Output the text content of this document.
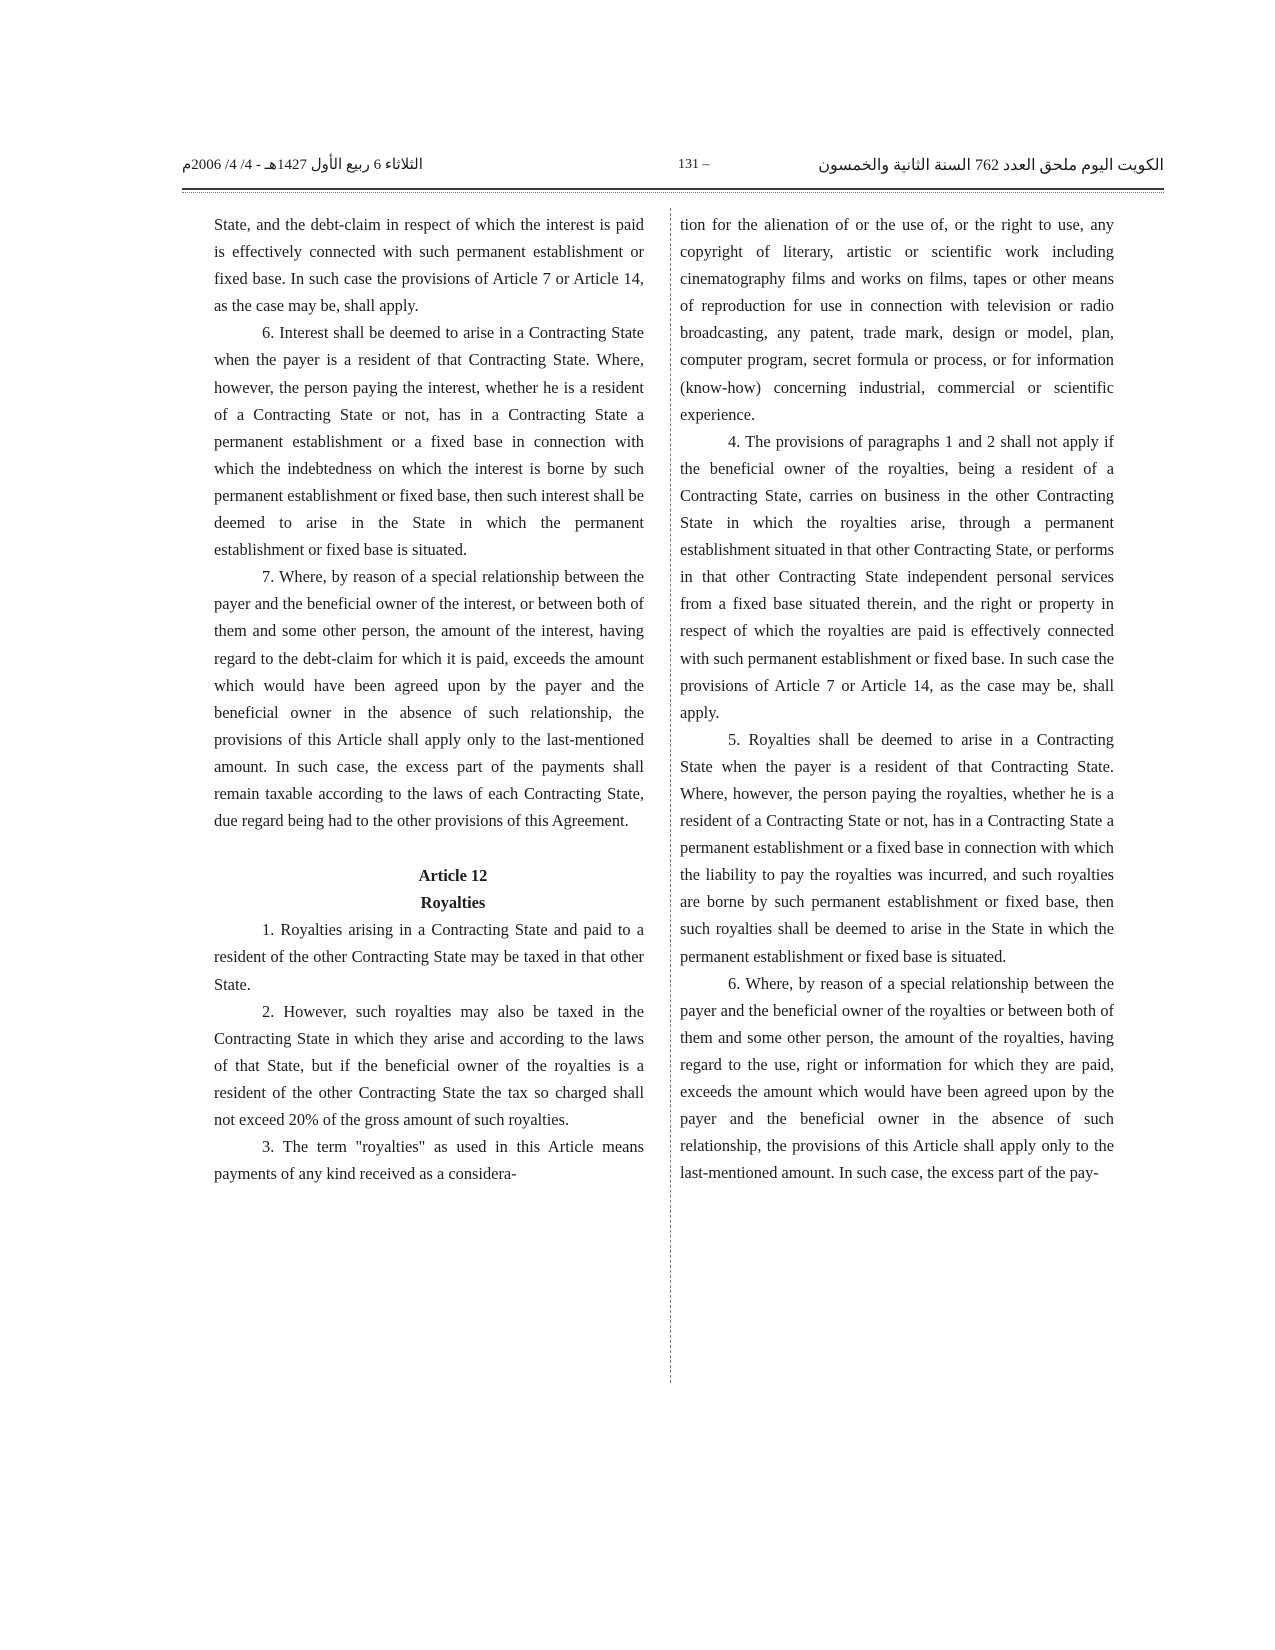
الثلاثاء 6 ربيع الأول 1427هـ - 4/ 4/ 2006م	131 –	الكويت اليوم ملحق العدد 762 السنة الثانية والخمسون

State, and the debt-claim in respect of which the interest is paid is effectively connected with such permanent establishment or fixed base. In such case the provisions of Article 7 or Article 14, as the case may be, shall apply.

6. Interest shall be deemed to arise in a Contracting State when the payer is a resident of that Contracting State. Where, however, the person paying the interest, whether he is a resident of a Contracting State or not, has in a Contracting State a permanent establishment or a fixed base in connection with which the indebtedness on which the interest is borne by such permanent establishment or fixed base, then such interest shall be deemed to arise in the State in which the permanent establishment or fixed base is situated.

7. Where, by reason of a special relationship between the payer and the beneficial owner of the interest, or between both of them and some other person, the amount of the interest, having regard to the debt-claim for which it is paid, exceeds the amount which would have been agreed upon by the payer and the beneficial owner in the absence of such relationship, the provisions of this Article shall apply only to the last-mentioned amount. In such case, the excess part of the payments shall remain taxable according to the laws of each Contracting State, due regard being had to the other provisions of this Agreement.

Article 12

Royalties

1. Royalties arising in a Contracting State and paid to a resident of the other Contracting State may be taxed in that other State.

2. However, such royalties may also be taxed in the Contracting State in which they arise and according to the laws of that State, but if the beneficial owner of the royalties is a resident of the other Contracting State the tax so charged shall not exceed 20% of the gross amount of such royalties.

3. The term "royalties" as used in this Article means payments of any kind received as a considera-

tion for the alienation of or the use of, or the right to use, any copyright of literary, artistic or scientific work including cinematography films and works on films, tapes or other means of reproduction for use in connection with television or radio broadcasting, any patent, trade mark, design or model, plan, computer program, secret formula or process, or for information (know-how) concerning industrial, commercial or scientific experience.

4. The provisions of paragraphs 1 and 2 shall not apply if the beneficial owner of the royalties, being a resident of a Contracting State, carries on business in the other Contracting State in which the royalties arise, through a permanent establishment situated in that other Contracting State, or performs in that other Contracting State independent personal services from a fixed base situated therein, and the right or property in respect of which the royalties are paid is effectively connected with such permanent establishment or fixed base. In such case the provisions of Article 7 or Article 14, as the case may be, shall apply.

5. Royalties shall be deemed to arise in a Contracting State when the payer is a resident of that Contracting State. Where, however, the person paying the royalties, whether he is a resident of a Contracting State or not, has in a Contracting State a permanent establishment or a fixed base in connection with which the liability to pay the royalties was incurred, and such royalties are borne by such permanent establishment or fixed base, then such royalties shall be deemed to arise in the State in which the permanent establishment or fixed base is situated.

6. Where, by reason of a special relationship between the payer and the beneficial owner of the royalties or between both of them and some other person, the amount of the royalties, having regard to the use, right or information for which they are paid, exceeds the amount which would have been agreed upon by the payer and the beneficial owner in the absence of such relationship, the provisions of this Article shall apply only to the last-mentioned amount. In such case, the excess part of the pay-
